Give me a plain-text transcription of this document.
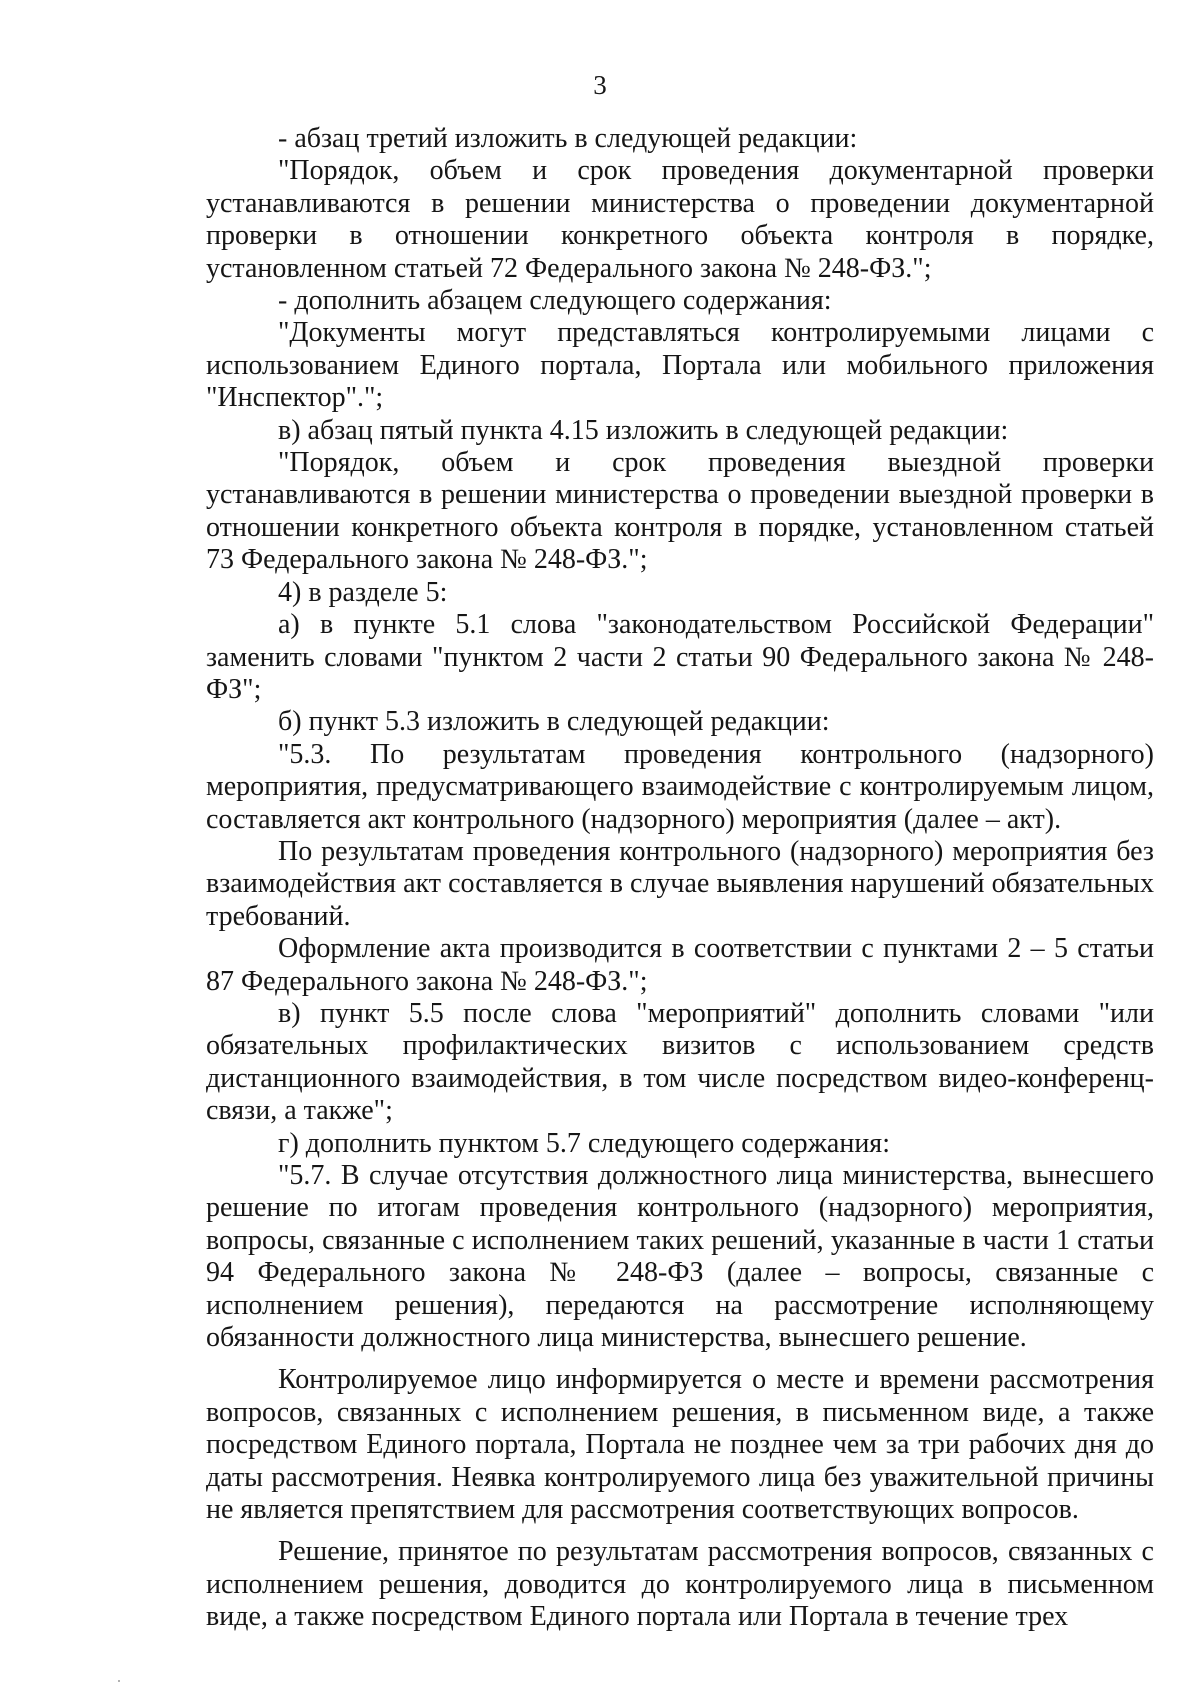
3

- абзац третий изложить в следующей редакции:

"Порядок, объем и срок проведения документарной проверки устанавливаются в решении министерства о проведении документарной проверки в отношении конкретного объекта контроля в порядке, установленном статьей 72 Федерального закона № 248-ФЗ.";

- дополнить абзацем следующего содержания:

"Документы могут представляться контролируемыми лицами с использованием Единого портала, Портала или мобильного приложения "Инспектор".";

в) абзац пятый пункта 4.15 изложить в следующей редакции:

"Порядок, объем и срок проведения выездной проверки устанавливаются в решении министерства о проведении выездной проверки в отношении конкретного объекта контроля в порядке, установленном статьей 73 Федерального закона № 248-ФЗ.";

4) в разделе 5:

а) в пункте 5.1 слова "законодательством Российской Федерации" заменить словами "пунктом 2 части 2 статьи 90 Федерального закона № 248-ФЗ";

б) пункт 5.3 изложить в следующей редакции:

"5.3. По результатам проведения контрольного (надзорного) мероприятия, предусматривающего взаимодействие с контролируемым лицом, составляется акт контрольного (надзорного) мероприятия (далее – акт).

По результатам проведения контрольного (надзорного) мероприятия без взаимодействия акт составляется в случае выявления нарушений обязательных требований.

Оформление акта производится в соответствии с пунктами 2 – 5 статьи 87 Федерального закона № 248-ФЗ.";

в) пункт 5.5 после слова "мероприятий" дополнить словами "или обязательных профилактических визитов с использованием средств дистанционного взаимодействия, в том числе посредством видео-конференц-связи, а также";

г) дополнить пунктом 5.7 следующего содержания:

"5.7. В случае отсутствия должностного лица министерства, вынесшего решение по итогам проведения контрольного (надзорного) мероприятия, вопросы, связанные с исполнением таких решений, указанные в части 1 статьи 94 Федерального закона № 248-ФЗ (далее – вопросы, связанные с исполнением решения), передаются на рассмотрение исполняющему обязанности должностного лица министерства, вынесшего решение.

Контролируемое лицо информируется о месте и времени рассмотрения вопросов, связанных с исполнением решения, в письменном виде, а также посредством Единого портала, Портала не позднее чем за три рабочих дня до даты рассмотрения. Неявка контролируемого лица без уважительной причины не является препятствием для рассмотрения соответствующих вопросов.

Решение, принятое по результатам рассмотрения вопросов, связанных с исполнением решения, доводится до контролируемого лица в письменном виде, а также посредством Единого портала или Портала в течение трех
